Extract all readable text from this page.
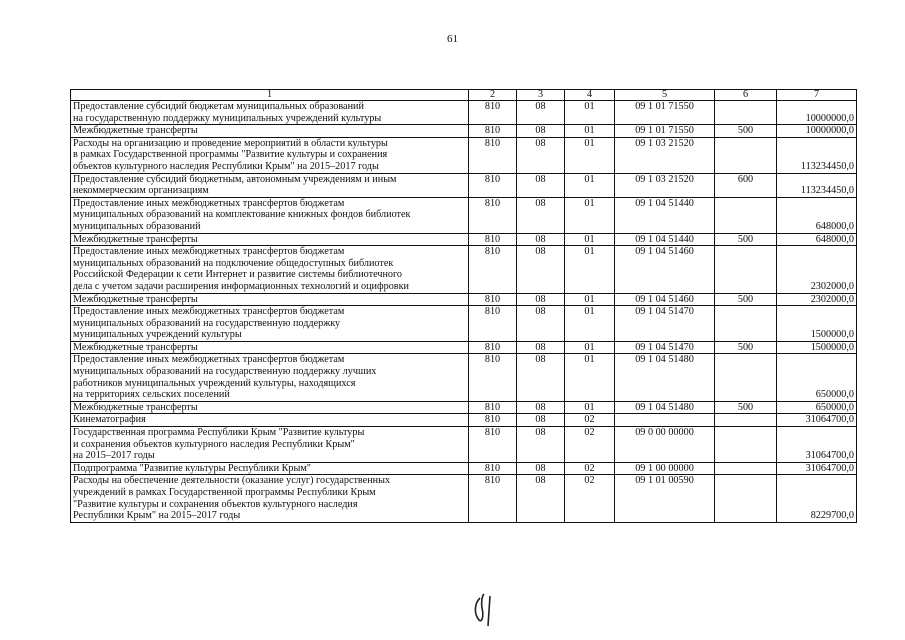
61
1	2	3	4	5	6	7

Предоставление субсидий бюджетам муниципальных образований
на государственную поддержку муниципальных учреждений культуры	810	08	01	09 1 01 71550		10000000,0

Межбюджетные трансферты	810	08	01	09 1 01 71550	500	10000000,0

Расходы на организацию и проведение мероприятий в области культуры
в рамках Государственной программы "Развитие культуры и сохранения
объектов культурного наследия Республики Крым" на 2015–2017 годы	810	08	01	09 1 03 21520		113234450,0

Предоставление субсидий бюджетным, автономным учреждениям и иным
некоммерческим организациям	810	08	01	09 1 03 21520	600	113234450,0

Предоставление иных межбюджетных трансфертов бюджетам
муниципальных образований на комплектование книжных фондов библиотек
муниципальных образований	810	08	01	09 1 04 51440		648000,0

Межбюджетные трансферты	810	08	01	09 1 04 51440	500	648000,0

Предоставление иных межбюджетных трансфертов бюджетам
муниципальных образований на подключение общедоступных библиотек
Российской Федерации к сети Интернет и развитие системы библиотечного
дела с учетом задачи расширения информационных технологий и оцифровки	810	08	01	09 1 04 51460		2302000,0

Межбюджетные трансферты	810	08	01	09 1 04 51460	500	2302000,0

Предоставление иных межбюджетных трансфертов бюджетам
муниципальных образований на государственную поддержку
муниципальных учреждений культуры	810	08	01	09 1 04 51470		1500000,0

Межбюджетные трансферты	810	08	01	09 1 04 51470	500	1500000,0

Предоставление иных межбюджетных трансфертов бюджетам
муниципальных образований на государственную поддержку лучших
работников муниципальных учреждений культуры, находящихся
на территориях сельских поселений	810	08	01	09 1 04 51480		650000,0

Межбюджетные трансферты	810	08	01	09 1 04 51480	500	650000,0

Кинематография	810	08	02			31064700,0

Государственная программа Республики Крым "Развитие культуры
и сохранения объектов культурного наследия Республики Крым"
на 2015–2017 годы	810	08	02	09 0 00 00000		31064700,0

Подпрограмма "Развитие культуры Республики Крым"	810	08	02	09 1 00 00000		31064700,0

Расходы на обеспечение деятельности (оказание услуг) государственных
учреждений в рамках Государственной программы Республики Крым
"Развитие культуры и сохранения объектов культурного наследия
Республики Крым" на 2015–2017 годы	810	08	02	09 1 01 00590		8229700,0
